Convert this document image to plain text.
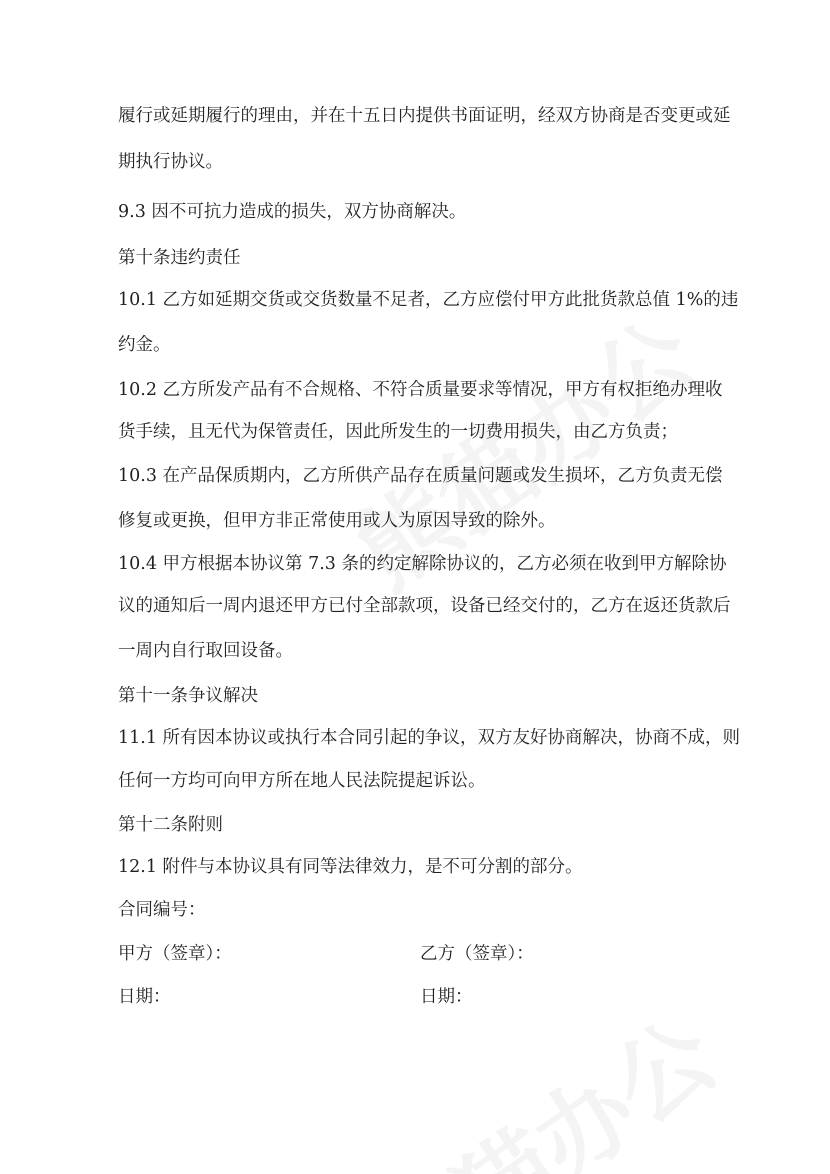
履行或延期履行的理由，并在十五日内提供书面证明，经双方协商是否变更或延
期执行协议。
9.3 因不可抗力造成的损失，双方协商解决。
第十条违约责任
10.1 乙方如延期交货或交货数量不足者，乙方应偿付甲方此批货款总值 1%的违
约金。
10.2 乙方所发产品有不合规格、不符合质量要求等情况，甲方有权拒绝办理收
货手续，且无代为保管责任，因此所发生的一切费用损失，由乙方负责；
10.3 在产品保质期内，乙方所供产品存在质量问题或发生损坏，乙方负责无偿
修复或更换，但甲方非正常使用或人为原因导致的除外。
10.4 甲方根据本协议第 7.3 条的约定解除协议的，乙方必须在收到甲方解除协
议的通知后一周内退还甲方已付全部款项，设备已经交付的，乙方在返还货款后
一周内自行取回设备。
第十一条争议解决
11.1 所有因本协议或执行本合同引起的争议，双方友好协商解决，协商不成，则
任何一方均可向甲方所在地人民法院提起诉讼。
第十二条附则
12.1 附件与本协议具有同等法律效力，是不可分割的部分。
合同编号：
甲方（签章）：	乙方（签章）：
日期：	日期：
